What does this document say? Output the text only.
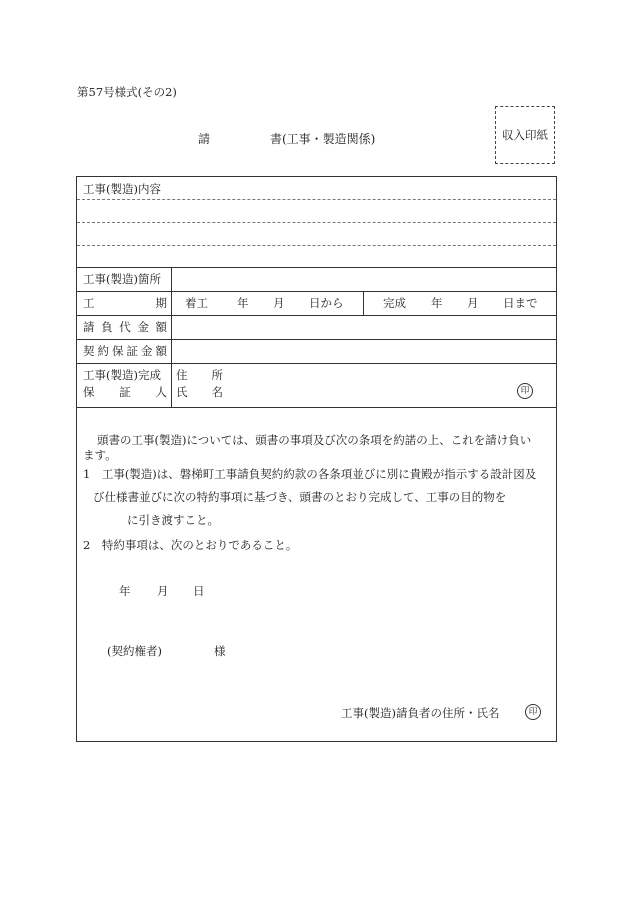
第57号様式(その2)
請	書(工事・製造関係)	収入印紙
工事(製造)内容
工事(製造)箇所
工	期 着工	年 月 日から	完成 年 月 日まで
請 負 代 金 額
契 約 保 証 金 額
工事(製造)完成
保 証 人
住 所
氏 名	印
頭書の工事(製造)については、頭書の事項及び次の条項を約諾の上、これを請け負い
ます。
1　工事(製造)は、磐梯町工事請負契約約款の各条項並びに別に貴殿が指示する設計図及
び仕様書並びに次の特約事項に基づき、頭書のとおり完成して、工事の目的物を
に引き渡すこと。
2　特約事項は、次のとおりであること。
年 月 日
(契約権者)	様
工事(製造)請負者の住所・氏名	印
